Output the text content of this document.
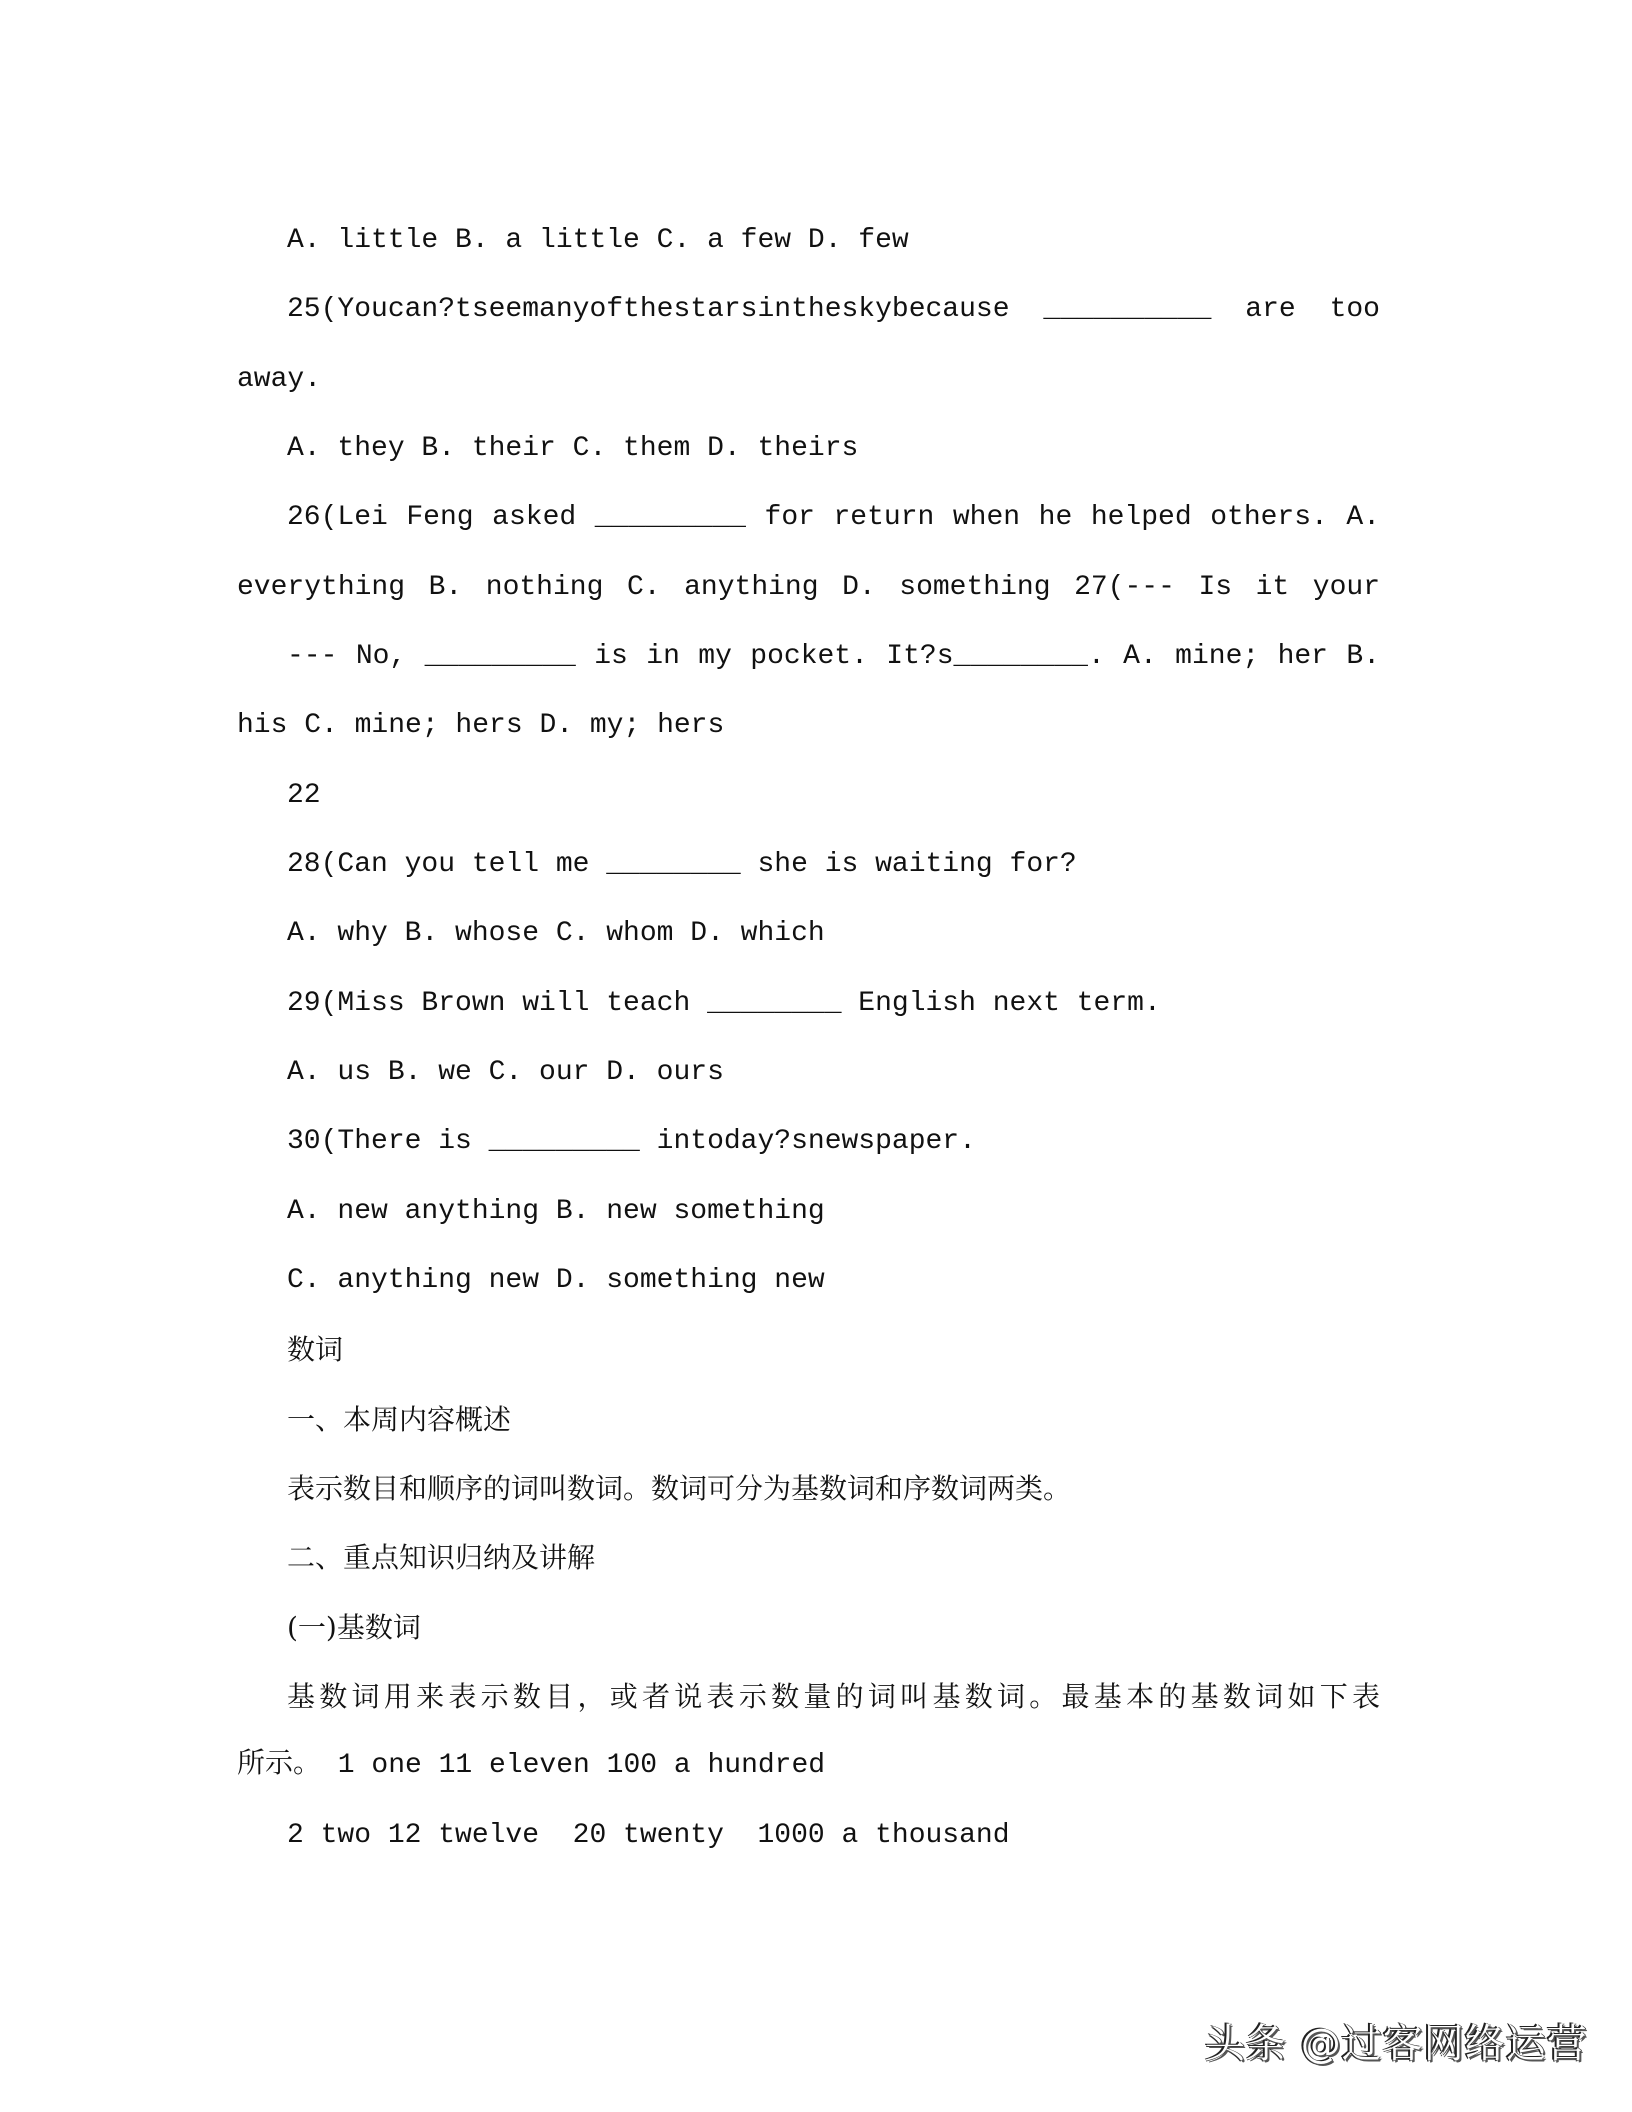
A. little B. a little C. a few D. few
25(Youcan?tseemanyofthestarsintheskybecause __________ are too
away.
A. they B. their C. them D. theirs
26(Lei Feng asked _________ for return when he helped others. A.
everything B. nothing C. anything D. something 27(--- Is it your
--- No, _________ is in my pocket. It?s________. A. mine; her B.
his C. mine; hers D. my; hers
22
28(Can you tell me ________ she is waiting for?
A. why B. whose C. whom D. which
29(Miss Brown will teach ________ English next term.
A. us B. we C. our D. ours
30(There is _________ intoday?snewspaper.
A. new anything B. new something
C. anything new D. something new
数词
一、本周内容概述
表示数目和顺序的词叫数词。数词可分为基数词和序数词两类。
二、重点知识归纳及讲解
(一)基数词
基数词用来表示数目，或者说表示数量的词叫基数词。最基本的基数词如下表
所示。 1 one 11 eleven 100 a hundred
2 two 12 twelve  20 twenty  1000 a thousand
头条 @过客网络运营
